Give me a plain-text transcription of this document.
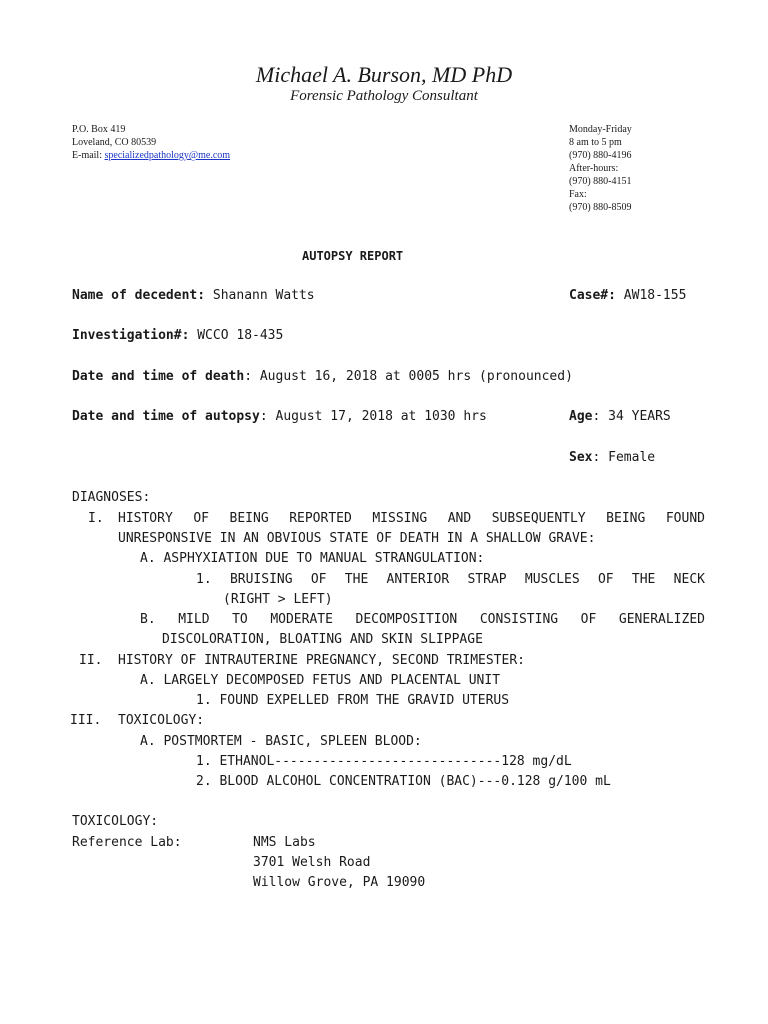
Michael A. Burson, MD PhD
Forensic Pathology Consultant
P.O. Box 419
Loveland, CO 80539
E-mail: specializedpathology@me.com
Monday-Friday
8 am to 5 pm
(970) 880-4196
After-hours:
(970) 880-4151
Fax:
(970) 880-8509
AUTOPSY REPORT
Name of decedent: Shanann Watts	Case#: AW18-155
Investigation#: WCCO 18-435
Date and time of death: August 16, 2018 at 0005 hrs (pronounced)
Date and time of autopsy: August 17, 2018 at 1030 hrs	Age: 34 YEARS
Sex: Female
DIAGNOSES:
I. HISTORY OF BEING REPORTED MISSING AND SUBSEQUENTLY BEING FOUND
UNRESPONSIVE IN AN OBVIOUS STATE OF DEATH IN A SHALLOW GRAVE:
A. ASPHYXIATION DUE TO MANUAL STRANGULATION:
1. BRUISING OF THE ANTERIOR STRAP MUSCLES OF THE NECK
(RIGHT > LEFT)
B. MILD TO MODERATE DECOMPOSITION CONSISTING OF GENERALIZED
DISCOLORATION, BLOATING AND SKIN SLIPPAGE
II. HISTORY OF INTRAUTERINE PREGNANCY, SECOND TRIMESTER:
A. LARGELY DECOMPOSED FETUS AND PLACENTAL UNIT
1. FOUND EXPELLED FROM THE GRAVID UTERUS
III. TOXICOLOGY:
A. POSTMORTEM - BASIC, SPLEEN BLOOD:
1. ETHANOL-----------------------------128 mg/dL
2. BLOOD ALCOHOL CONCENTRATION (BAC)---0.128 g/100 mL
TOXICOLOGY:
Reference Lab:	NMS Labs
3701 Welsh Road
Willow Grove, PA 19090
